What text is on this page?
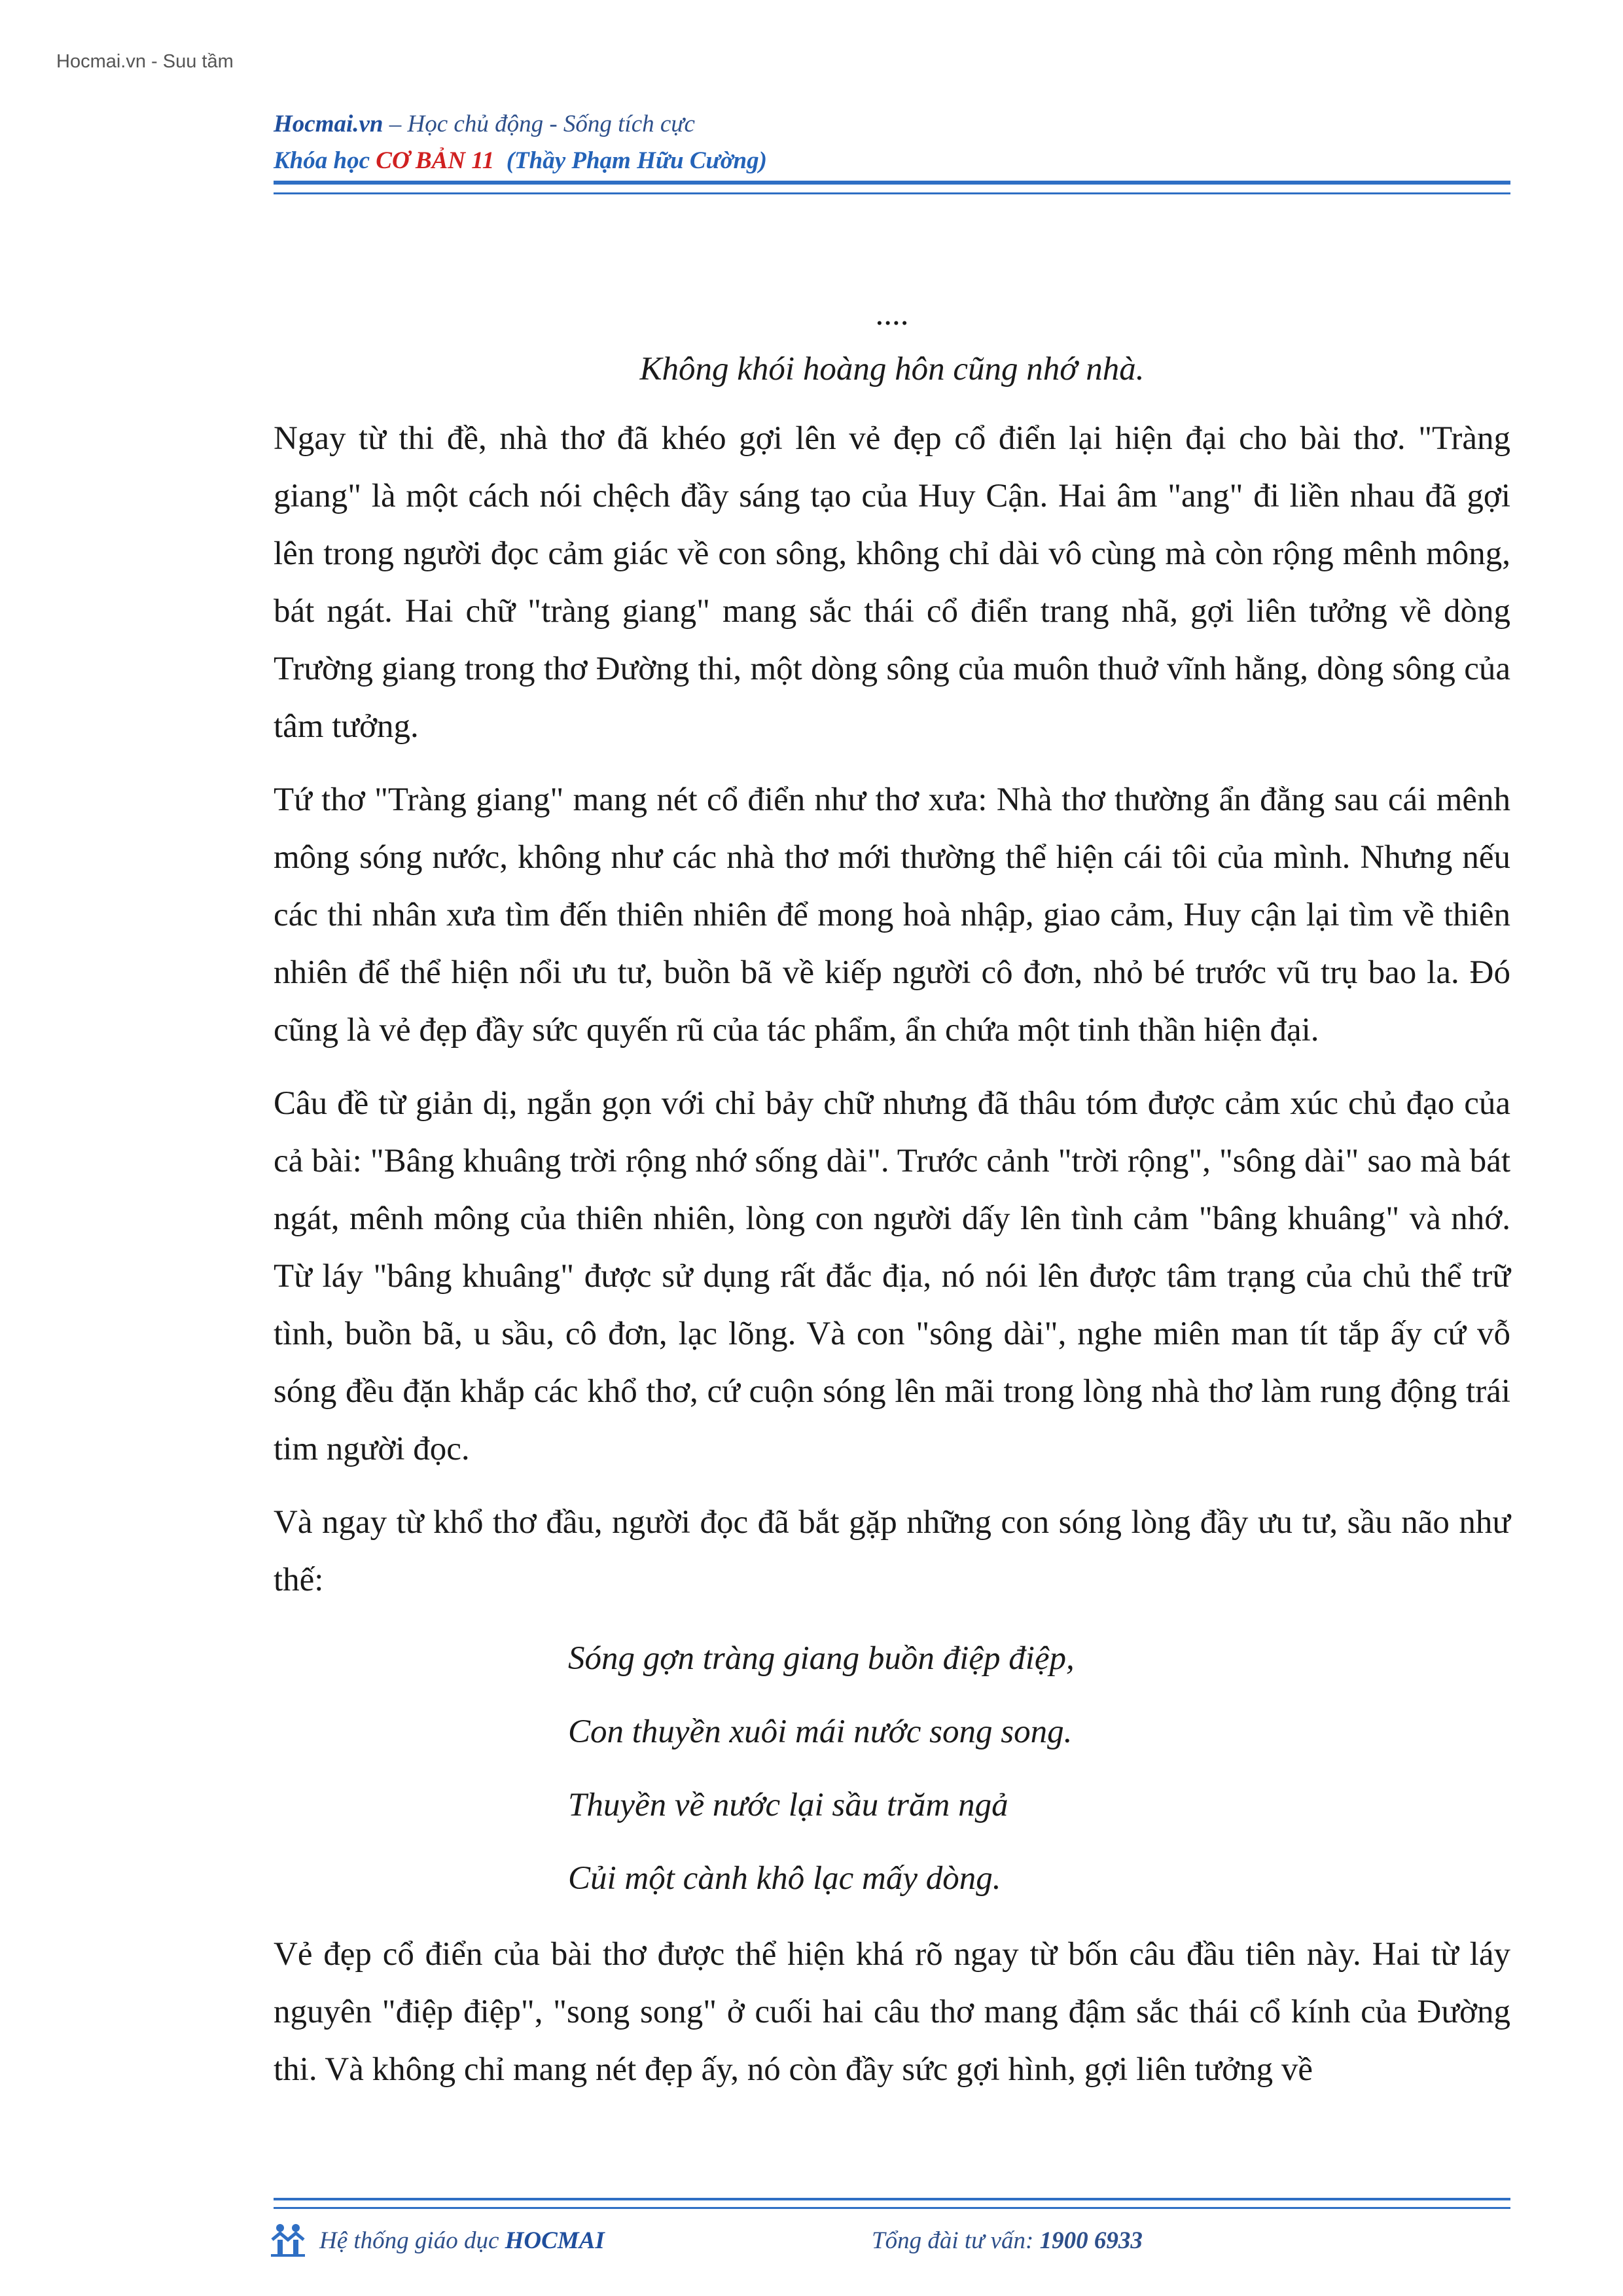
Hocmai.vn - Suu tầm
Hocmai.vn – Học chủ động - Sống tích cực
Khóa học CƠ BẢN 11  (Thầy Phạm Hữu Cường)
....
Không khói hoàng hôn cũng nhớ nhà.

Ngay từ thi đề, nhà thơ đã khéo gợi lên vẻ đẹp cổ điển lại hiện đại cho bài thơ. "Tràng giang" là một cách nói chệch đầy sáng tạo của Huy Cận. Hai âm "ang" đi liền nhau đã gợi lên trong người đọc cảm giác về con sông, không chỉ dài vô cùng mà còn rộng mênh mông, bát ngát. Hai chữ "tràng giang" mang sắc thái cổ điển trang nhã, gợi liên tưởng về dòng Trường giang trong thơ Đường thi, một dòng sông của muôn thuở vĩnh hằng, dòng sông của tâm tưởng.

Tứ thơ "Tràng giang" mang nét cổ điển như thơ xưa: Nhà thơ thường ẩn đằng sau cái mênh mông sóng nước, không như các nhà thơ mới thường thể hiện cái tôi của mình. Nhưng nếu các thi nhân xưa tìm đến thiên nhiên để mong hoà nhập, giao cảm, Huy cận lại tìm về thiên nhiên để thể hiện nổi ưu tư, buồn bã về kiếp người cô đơn, nhỏ bé trước vũ trụ bao la. Đó cũng là vẻ đẹp đầy sức quyến rũ của tác phẩm, ẩn chứa một tinh thần hiện đại.

Câu đề từ giản dị, ngắn gọn với chỉ bảy chữ nhưng đã thâu tóm được cảm xúc chủ đạo của cả bài: "Bâng khuâng trời rộng nhớ sống dài". Trước cảnh "trời rộng", "sông dài" sao mà bát ngát, mênh mông của thiên nhiên, lòng con người dấy lên tình cảm "bâng khuâng" và nhớ. Từ láy "bâng khuâng" được sử dụng rất đắc địa, nó nói lên được tâm trạng của chủ thể trữ tình, buồn bã, u sầu, cô đơn, lạc lõng. Và con "sông dài", nghe miên man tít tắp ấy cứ vỗ sóng đều đặn khắp các khổ thơ, cứ cuộn sóng lên mãi trong lòng nhà thơ làm rung động trái tim người đọc.

Và ngay từ khổ thơ đầu, người đọc đã bắt gặp những con sóng lòng đầy ưu tư, sầu não như thế:

Sóng gợn tràng giang buồn điệp điệp,
Con thuyền xuôi mái nước song song.
Thuyền về nước lại sầu trăm ngả
Củi một cành khô lạc mấy dòng.

Vẻ đẹp cổ điển của bài thơ được thể hiện khá rõ ngay từ bốn câu đầu tiên này. Hai từ láy nguyên "điệp điệp", "song song" ở cuối hai câu thơ mang đậm sắc thái cổ kính của Đường thi. Và không chỉ mang nét đẹp ấy, nó còn đầy sức gợi hình, gợi liên tưởng về

Hệ thống giáo dục HOCMAI	Tổng đài tư vấn: 1900 6933
